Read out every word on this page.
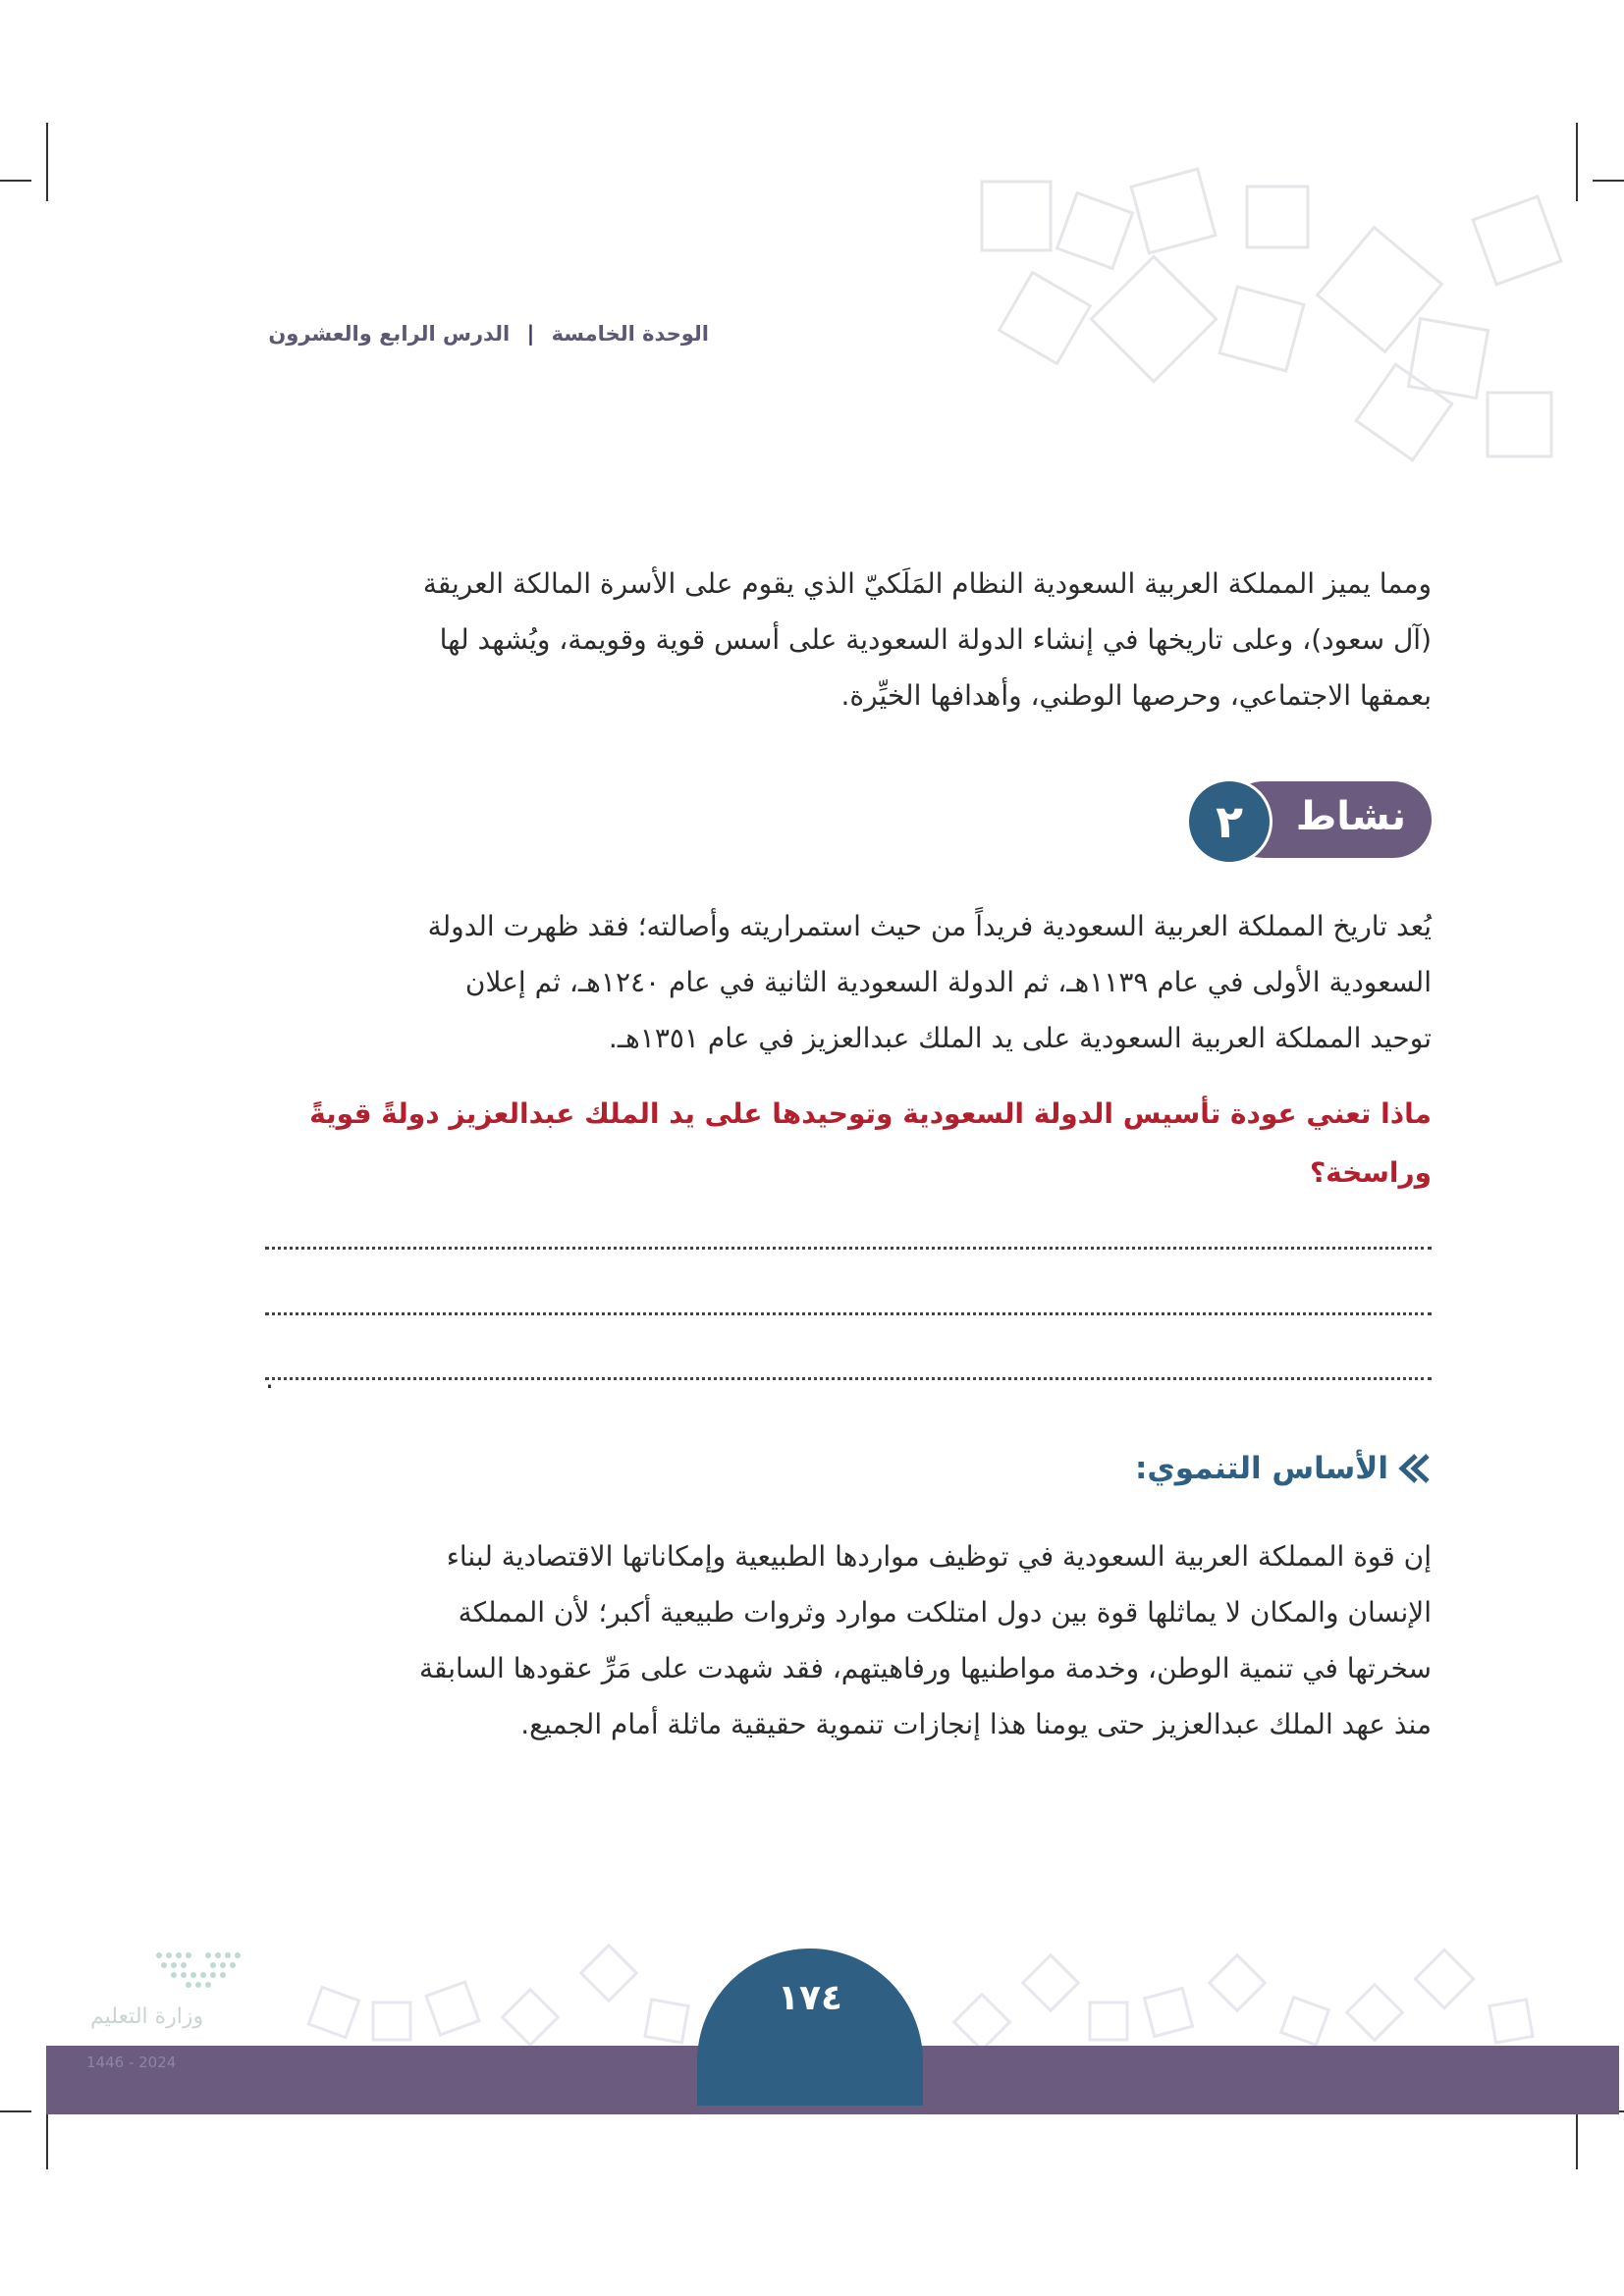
الوحدة الخامسة | الدرس الرابع والعشرون

ومما يميز المملكة العربية السعودية النظام المَلَكيّ الذي يقوم على الأسرة المالكة العريقة

(آل سعود)، وعلى تاريخها في إنشاء الدولة السعودية على أسس قوية وقويمة، ويُشهد لها

بعمقها الاجتماعي، وحرصها الوطني، وأهدافها الخيِّرة.

نشاط
٢

يُعد تاريخ المملكة العربية السعودية فريداً من حيث استمراريته وأصالته؛ فقد ظهرت الدولة

السعودية الأولى في عام ١١٣٩هـ، ثم الدولة السعودية الثانية في عام ١٢٤٠هـ، ثم إعلان

توحيد المملكة العربية السعودية على يد الملك عبدالعزيز في عام ١٣٥١هـ.

ماذا تعني عودة تأسيس الدولة السعودية وتوحيدها على يد الملك عبدالعزيز دولةً قويةً

وراسخة؟

.
الأساس التنموي:

إن قوة المملكة العربية السعودية في توظيف مواردها الطبيعية وإمكاناتها الاقتصادية لبناء

الإنسان والمكان لا يماثلها قوة بين دول امتلكت موارد وثروات طبيعية أكبر؛ لأن المملكة

سخرتها في تنمية الوطن، وخدمة مواطنيها ورفاهيتهم، فقد شهدت على مَرِّ عقودها السابقة

منذ عهد الملك عبدالعزيز حتى يومنا هذا إنجازات تنموية حقيقية ماثلة أمام الجميع.

١٧٤
وزارة التعليم
2024 - 1446
